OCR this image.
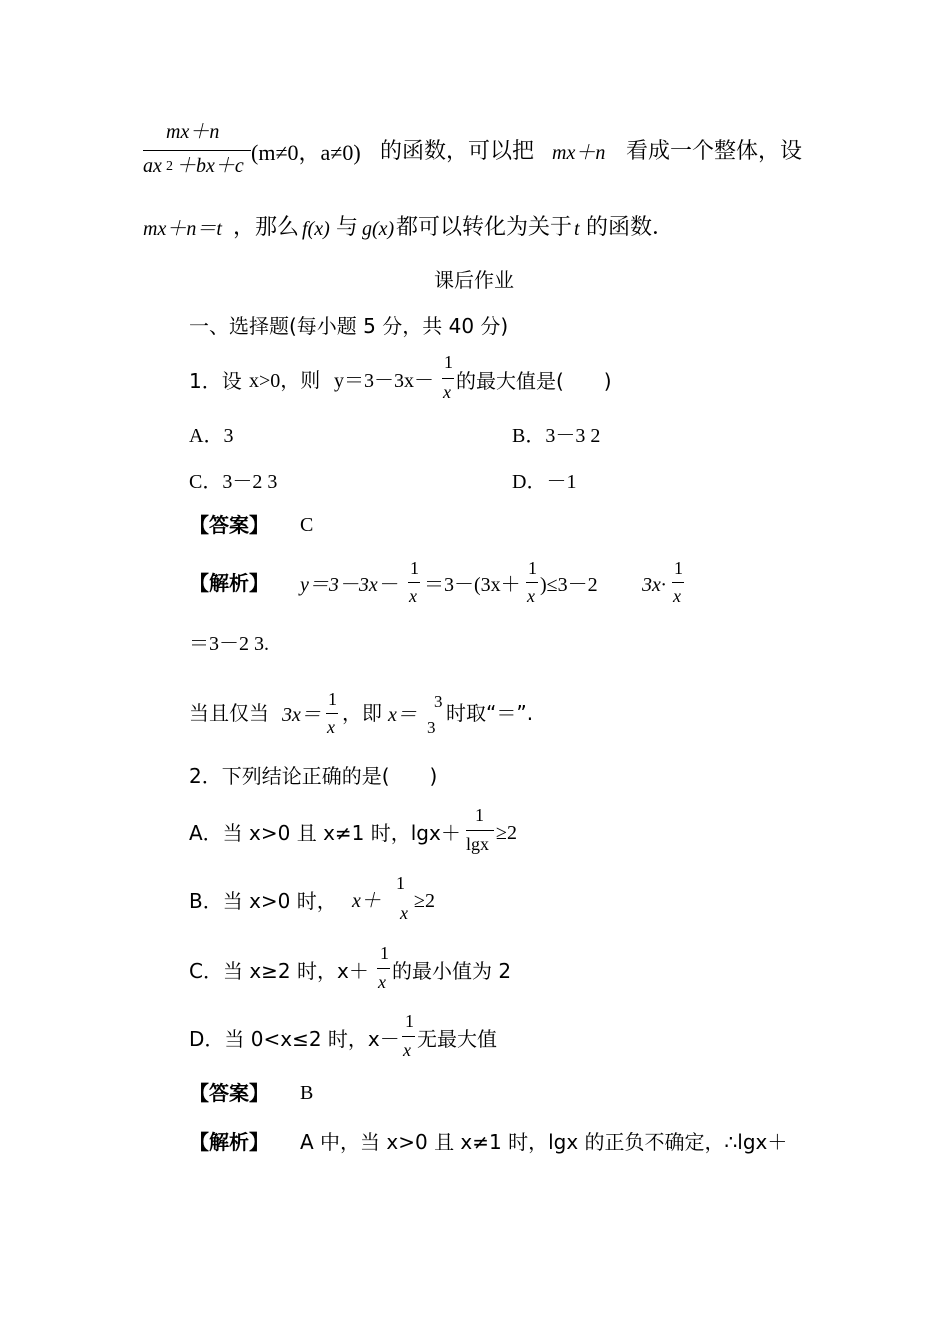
mx＋n
ax 2 ＋bx＋c
(m≠0，a≠0) 的函数，可以把 mx＋n 看成一个整体，设
mx＋n＝t ，那么 f(x) 与 g(x) 都可以转化为关于 t 的函数．
课后作业
一、选择题(每小题 5 分，共 40 分)
1．设 x>0，则 y＝3－3x－
1
x 的最大值是(　　)
A．3	B．3－3 2
C．3－2 3	D．－1
【答案】 C
【解析】 y＝3－3x－
1
x ＝3－(3x＋
1
x )≤3－2 3x·
1
x
＝3－2 3.
当且仅当 3x＝
1
x
，即 x＝
3
3
时取“＝”.
2．下列结论正确的是(　　)
A．当 x>0 且 x≠1 时，lgx＋
1
lgx ≥2
B．当 x>0 时， x＋
1
x
≥2
C．当 x≥2 时，x＋
1
x 的最小值为 2
D．当 0<x≤2 时，x－
1
x 无最大值
【答案】 B
【解析】 A 中，当 x>0 且 x≠1 时，lgx 的正负不确定，∴lgx＋
